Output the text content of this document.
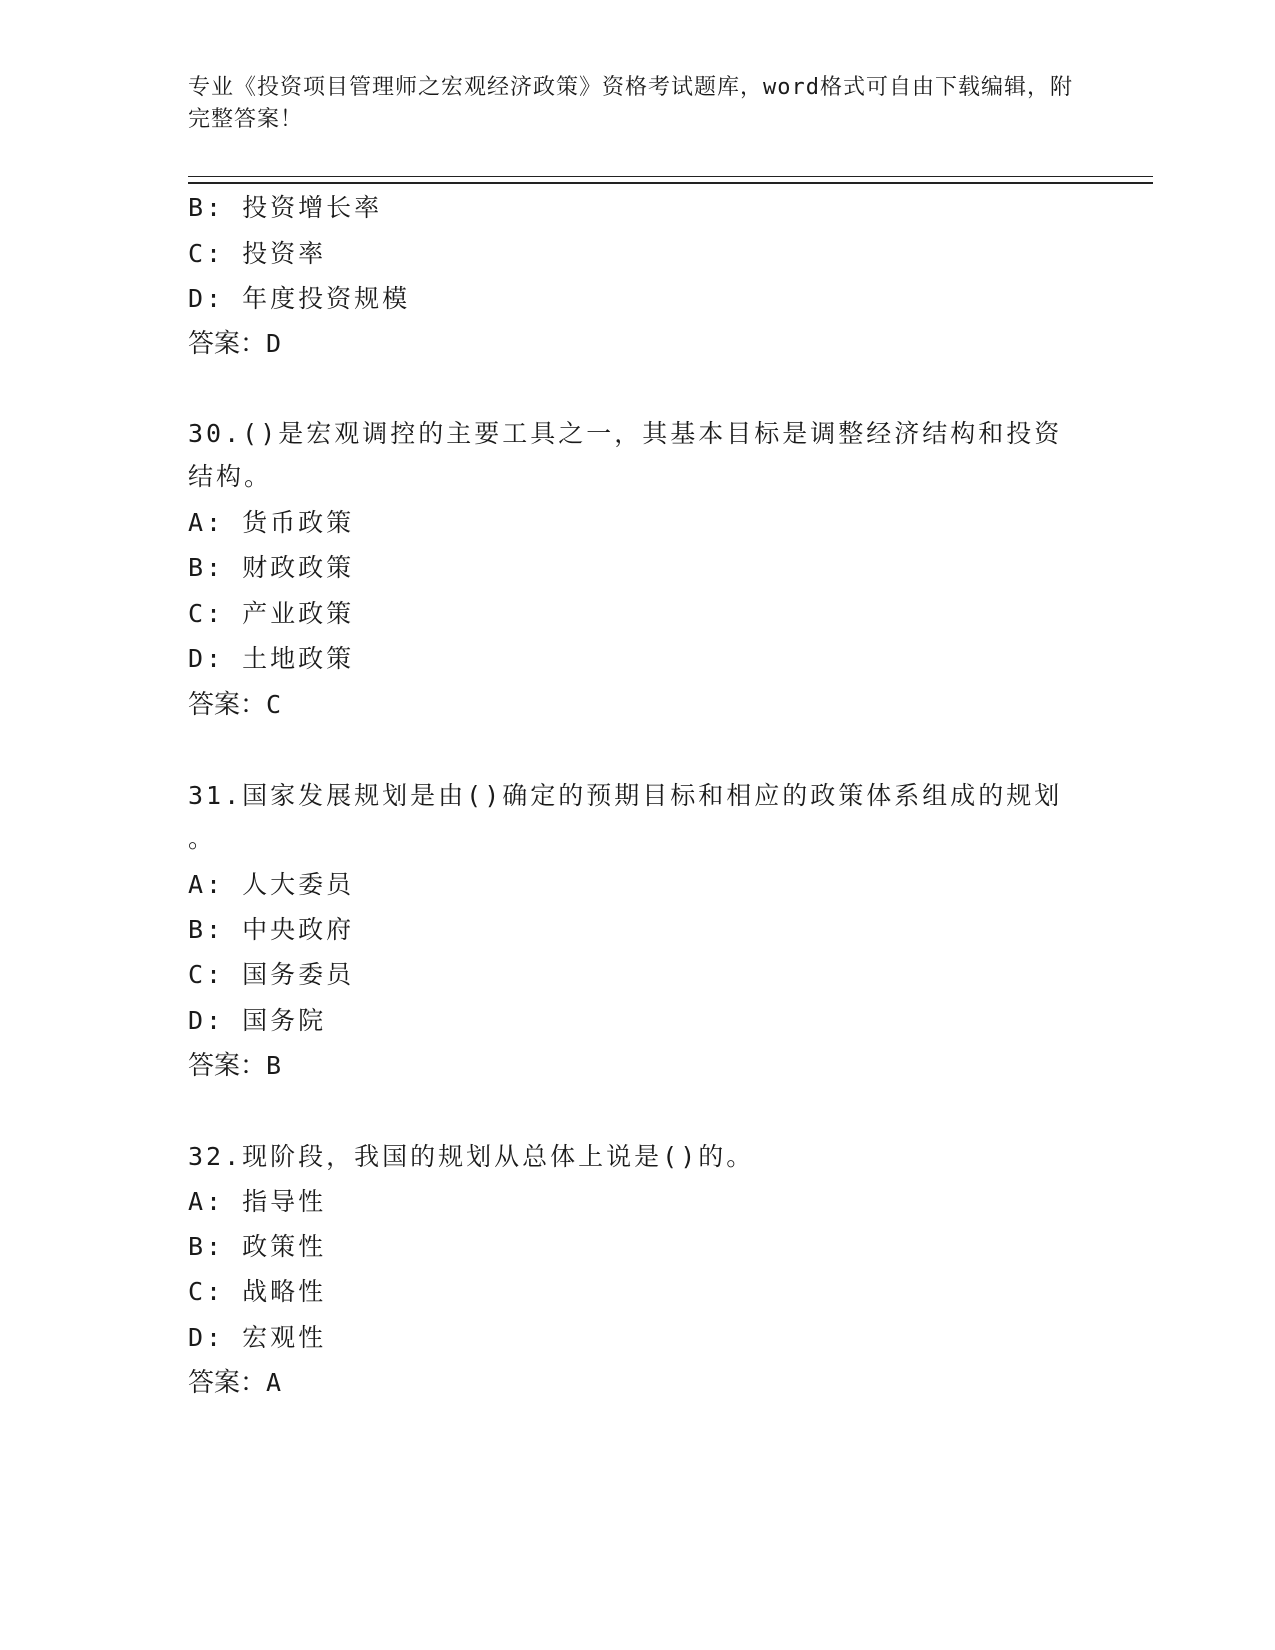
专业《投资项目管理师之宏观经济政策》资格考试题库，word格式可自由下载编辑，附完整答案！
B: 投资增长率
C: 投资率
D: 年度投资规模
答案：D
30.()是宏观调控的主要工具之一，其基本目标是调整经济结构和投资
结构。
A: 货币政策
B: 财政政策
C: 产业政策
D: 土地政策
答案：C
31.国家发展规划是由()确定的预期目标和相应的政策体系组成的规划
。
A: 人大委员
B: 中央政府
C: 国务委员
D: 国务院
答案：B
32.现阶段，我国的规划从总体上说是()的。
A: 指导性
B: 政策性
C: 战略性
D: 宏观性
答案：A
